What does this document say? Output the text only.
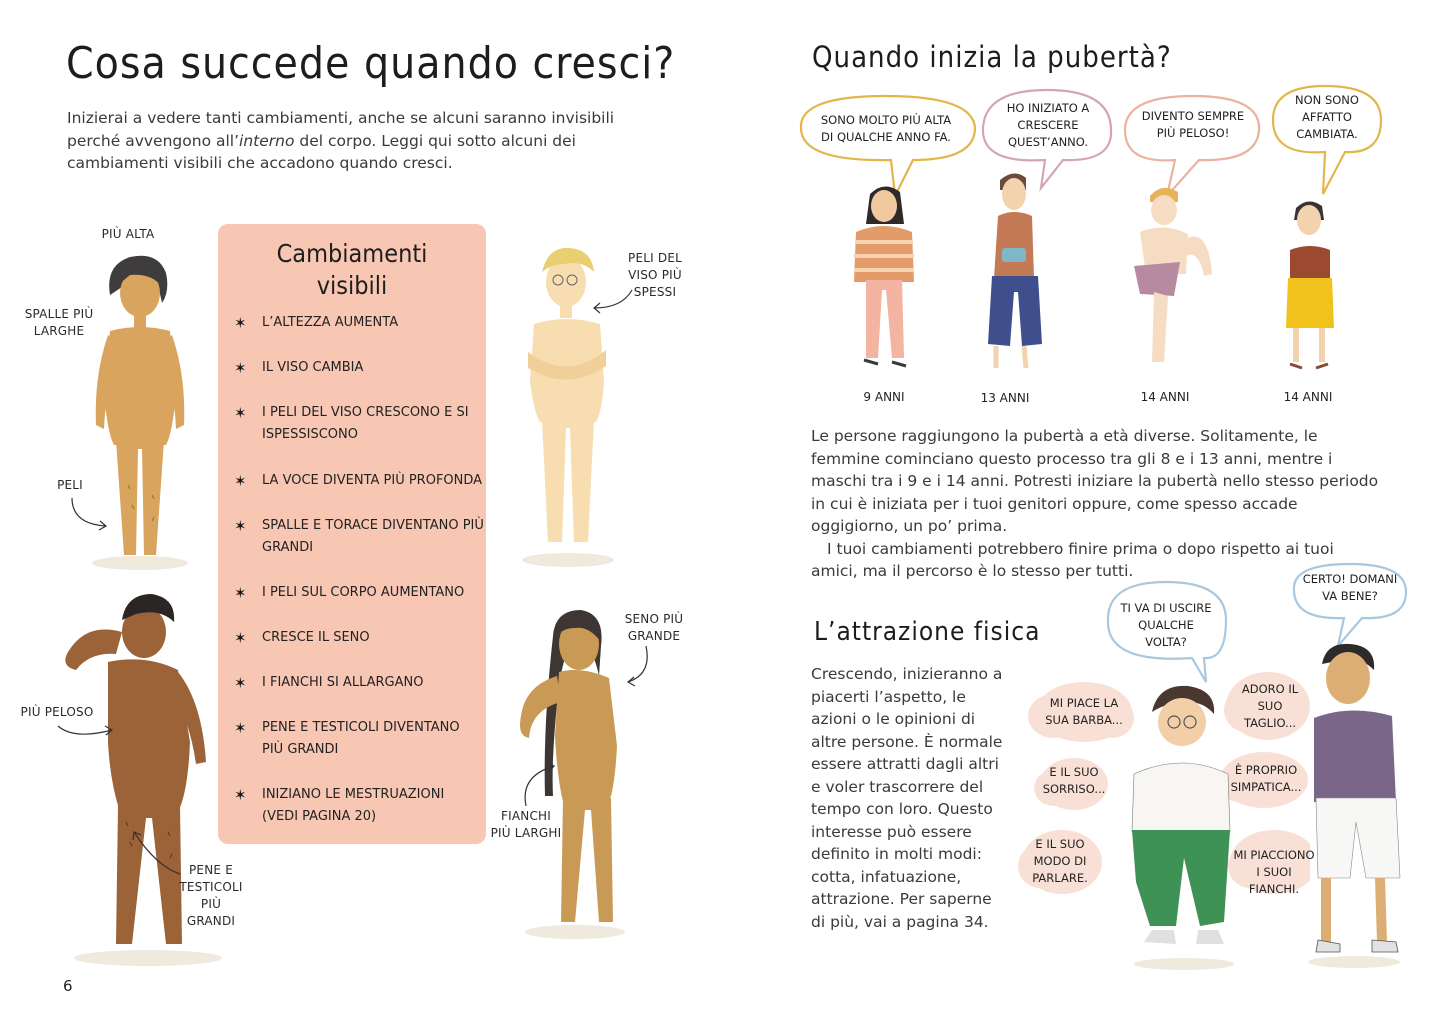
Cosa succede quando cresci?
Inizierai a vedere tanti cambiamenti, anche se alcuni saranno invisibili perché avvengono all’interno del corpo. Leggi qui sotto alcuni dei cambiamenti visibili che accadono quando cresci.
PIÙ ALTA
SPALLE PIÙ LARGHE
PELI
PELI DEL VISO PIÙ SPESSI
PIÙ PELOSO
PENE E TESTICOLI PIÙ GRANDI
SENO PIÙ GRANDE
FIANCHI PIÙ LARGHI
Cambiamenti
visibili
✶ L’ALTEZZA AUMENTA
✶ IL VISO CAMBIA
✶ I PELI DEL VISO CRESCONO E SI ISPESSISCONO
✶ LA VOCE DIVENTA PIÙ PROFONDA
✶ SPALLE E TORACE DIVENTANO PIÙ GRANDI
✶ I PELI SUL CORPO AUMENTANO
✶ CRESCE IL SENO
✶ I FIANCHI SI ALLARGANO
✶ PENE E TESTICOLI DIVENTANO PIÙ GRANDI
✶ INIZIANO LE MESTRUAZIONI (VEDI PAGINA 20)
6
Quando inizia la pubertà?
SONO MOLTO PIÙ ALTA DI QUALCHE ANNO FA.
HO INIZIATO A CRESCERE QUEST’ANNO.
DIVENTO SEMPRE PIÙ PELOSO!
NON SONO AFFATTO CAMBIATA.
9 ANNI	13 ANNI	14 ANNI	14 ANNI

Le persone raggiungono la pubertà a età diverse. Solitamente, le femmine cominciano questo processo tra gli 8 e i 13 anni, mentre i maschi tra i 9 e i 14 anni. Potresti iniziare la pubertà nello stesso periodo in cui è iniziata per i tuoi genitori oppure, come spesso accade oggigiorno, un po’ prima.

I tuoi cambiamenti potrebbero finire prima o dopo rispetto ai tuoi amici, ma il percorso è lo stesso per tutti.

L’attrazione fisica
Crescendo, inizieranno a piacerti l’aspetto, le azioni o le opinioni di altre persone. È normale essere attratti dagli altri e voler trascorrere del tempo con loro. Questo interesse può essere definito in molti modi: cotta, infatuazione, attrazione. Per saperne di più, vai a pagina 34.
TI VA DI USCIRE QUALCHE VOLTA?
CERTO! DOMANI VA BENE?
MI PIACE LA SUA BARBA...
E IL SUO SORRISO...
E IL SUO MODO DI PARLARE.
ADORO IL SUO TAGLIO...
È PROPRIO SIMPATICA...
MI PIACCIONO I SUOI FIANCHI.
